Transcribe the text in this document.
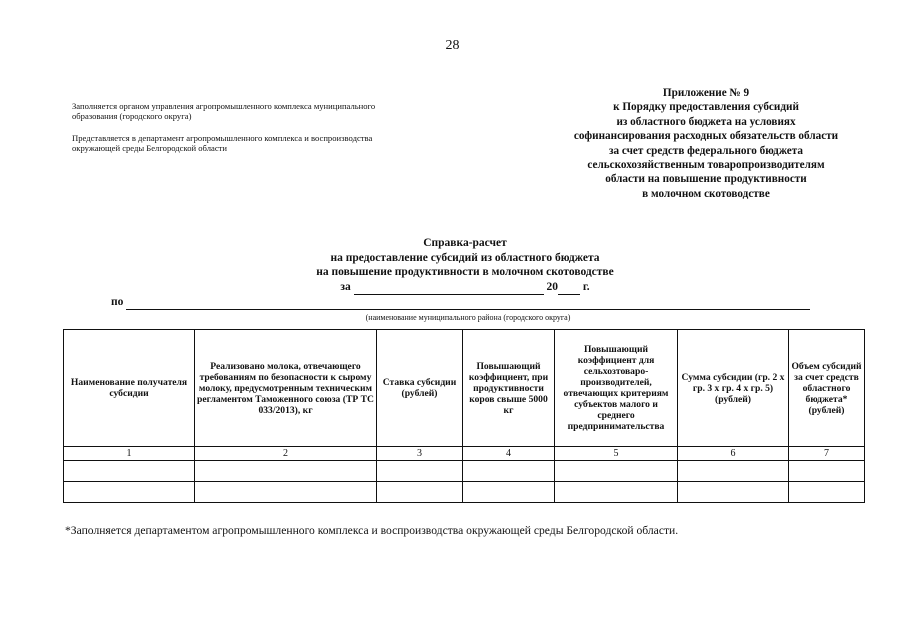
28
Заполняется органом управления агропромышленного комплекса муниципального образования (городского округа)
Представляется в департамент агропромышленного комплекса и воспроизводства окружающей среды Белгородской области
Приложение № 9
к Порядку предоставления субсидий
из областного бюджета на условиях
софинансирования расходных обязательств области
за счет средств федерального бюджета
сельскохозяйственным товаропроизводителям
области на повышение продуктивности
в молочном скотоводстве
Справка-расчет
на предоставление субсидий из областного бюджета
на повышение продуктивности в молочном скотоводстве
за	20 г.
по
(наименование муниципального района (городского округа)
Наименование получателя субсидии	Реализовано молока, отвечающего требованиям по безопасности к сырому молоку, предусмотренным техническим регламентом Таможенного союза (ТР ТС 033/2013), кг	Ставка субсидии (рублей)	Повышающий коэффициент, при продуктивности коров свыше 5000 кг	Повышающий коэффициент для сельхозтоваро-производителей, отвечающих критериям субъектов малого и среднего предпринимательства	Сумма субсидии (гр. 2 х гр. 3 х гр. 4 х гр. 5) (рублей)	Объем субсидий за счет средств областного бюджета* (рублей)
1	2	3	4	5	6	7

*Заполняется департаментом агропромышленного комплекса и воспроизводства окружающей среды Белгородской области.
